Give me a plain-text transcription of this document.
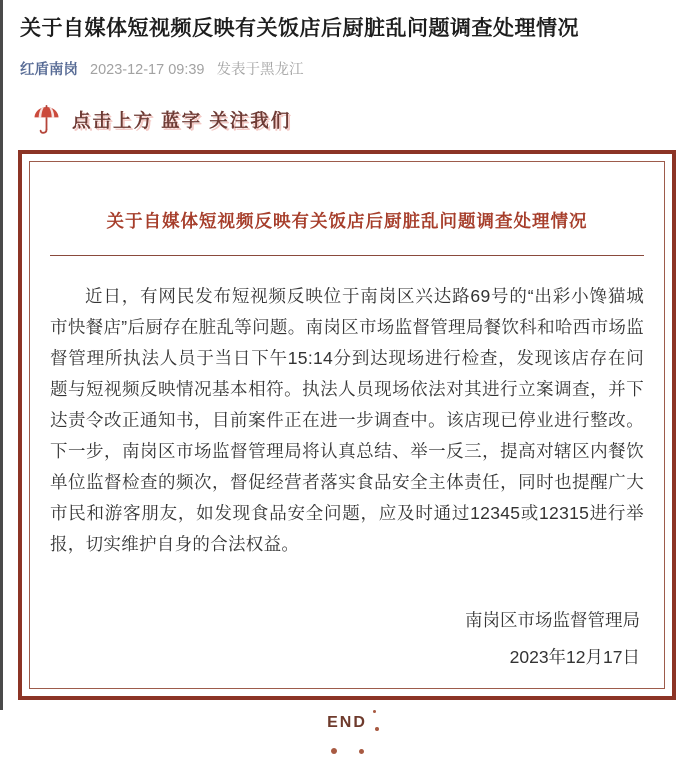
关于自媒体短视频反映有关饭店后厨脏乱问题调查处理情况
红盾南岗 2023-12-17 09:39 发表于黑龙江
点击上方 蓝字 关注我们
关于自媒体短视频反映有关饭店后厨脏乱问题调查处理情况

近日，有网民发布短视频反映位于南岗区兴达路69号的“出彩小馋猫城市快餐店”后厨存在脏乱等问题。南岗区市场监督管理局餐饮科和哈西市场监督管理所执法人员于当日下午15:14分到达现场进行检查，发现该店存在问题与短视频反映情况基本相符。执法人员现场依法对其进行立案调查，并下达责令改正通知书，目前案件正在进一步调查中。该店现已停业进行整改。下一步，南岗区市场监督管理局将认真总结、举一反三，提高对辖区内餐饮单位监督检查的频次，督促经营者落实食品安全主体责任，同时也提醒广大市民和游客朋友，如发现食品安全问题，应及时通过12345或12315进行举报，切实维护自身的合法权益。

南岗区市场监督管理局
2023年12月17日
END
